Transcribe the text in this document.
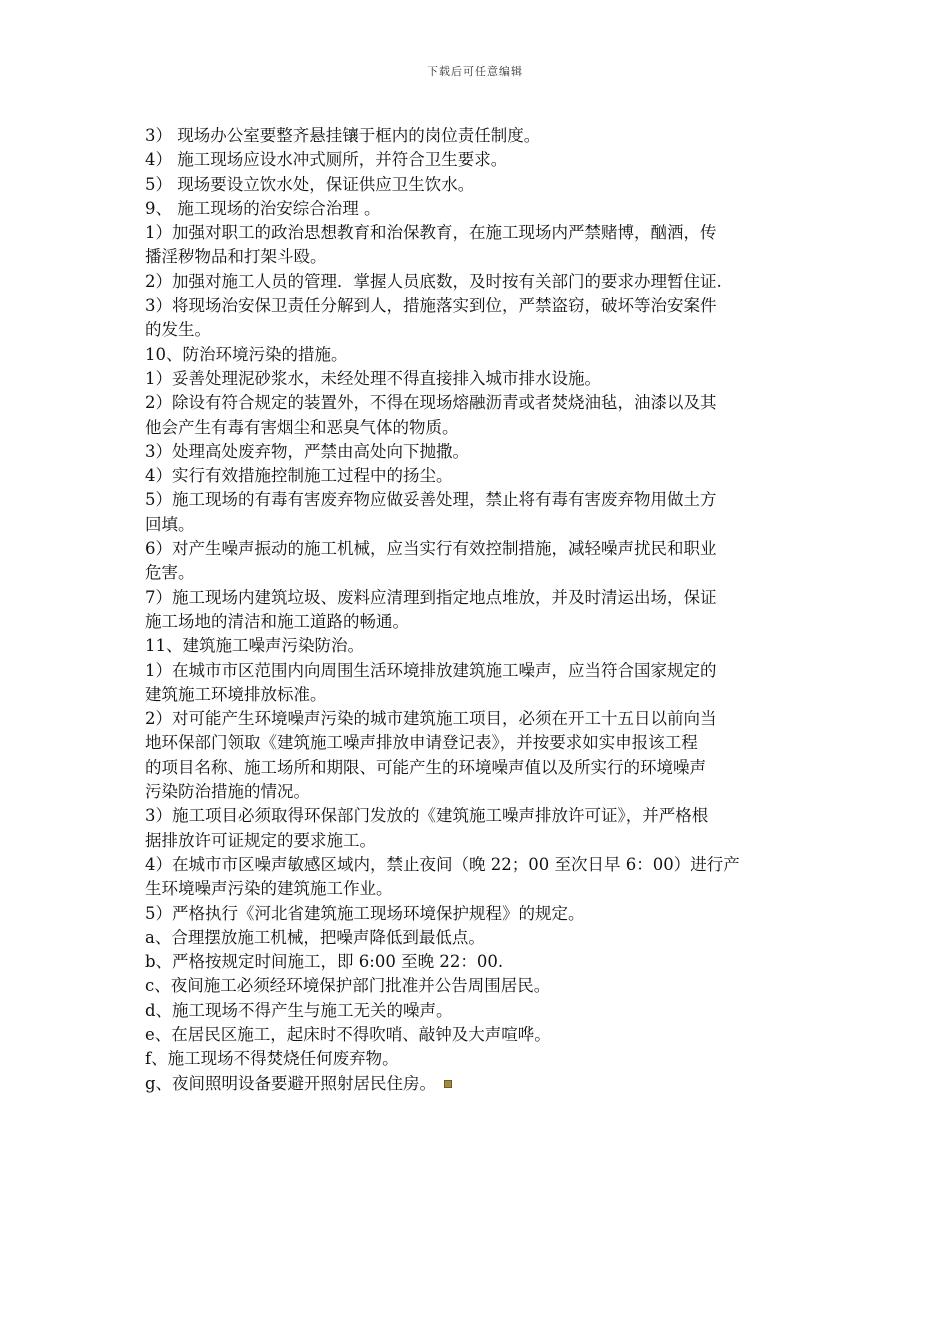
下载后可任意编辑
3） 现场办公室要整齐悬挂镶于框内的岗位责任制度。
4） 施工现场应设水冲式厕所，并符合卫生要求。
5） 现场要设立饮水处，保证供应卫生饮水。
9、 施工现场的治安综合治理 。
1）加强对职工的政治思想教育和治保教育，在施工现场内严禁赌博，酗酒，传
播淫秽物品和打架斗殴。
2）加强对施工人员的管理．掌握人员底数，及时按有关部门的要求办理暂住证.
3）将现场治安保卫责任分解到人，措施落实到位，严禁盗窃，破坏等治安案件
的发生。
10、防治环境污染的措施。
1）妥善处理泥砂浆水，未经处理不得直接排入城市排水设施。
2）除设有符合规定的装置外，不得在现场熔融沥青或者焚烧油毡，油漆以及其
他会产生有毒有害烟尘和恶臭气体的物质。
3）处理高处废弃物，严禁由高处向下抛撒。
4）实行有效措施控制施工过程中的扬尘。
5）施工现场的有毒有害废弃物应做妥善处理，禁止将有毒有害废弃物用做土方
回填。
6）对产生噪声振动的施工机械，应当实行有效控制措施，减轻噪声扰民和职业
危害。
7）施工现场内建筑垃圾、废料应清理到指定地点堆放，并及时清运出场，保证
施工场地的清洁和施工道路的畅通。
11、建筑施工噪声污染防治。
1）在城市市区范围内向周围生活环境排放建筑施工噪声，应当符合国家规定的
建筑施工环境排放标准。
2）对可能产生环境噪声污染的城市建筑施工项目，必须在开工十五日以前向当
地环保部门领取《建筑施工噪声排放申请登记表》，并按要求如实申报该工程
的项目名称、施工场所和期限、可能产生的环境噪声值以及所实行的环境噪声
污染防治措施的情况。
3）施工项目必须取得环保部门发放的《建筑施工噪声排放许可证》，并严格根
据排放许可证规定的要求施工。
4）在城市市区噪声敏感区域内，禁止夜间（晚 22；00 至次日早 6：00）进行产
生环境噪声污染的建筑施工作业。
5）严格执行《河北省建筑施工现场环境保护规程》的规定。
a、合理摆放施工机械，把噪声降低到最低点。
b、严格按规定时间施工，即 6:00 至晚 22：00.
c、夜间施工必须经环境保护部门批准并公告周围居民。
d、施工现场不得产生与施工无关的噪声。
e、在居民区施工，起床时不得吹哨、敲钟及大声喧哗。
f、施工现场不得焚烧任何废弃物。
g、夜间照明设备要避开照射居民住房。
